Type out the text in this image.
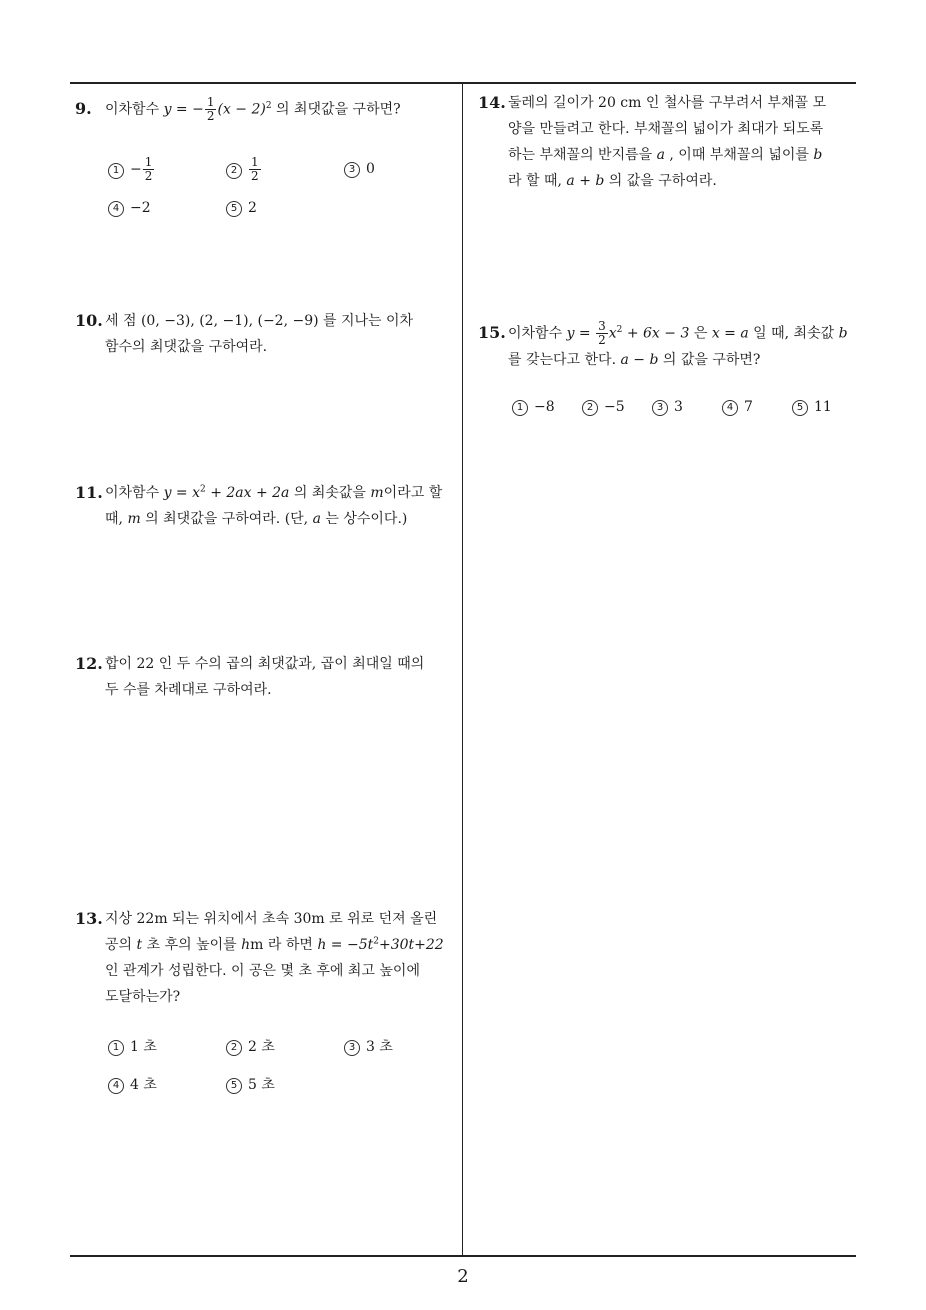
9. 이차함수 y = − $\frac{1}{2} (x - 2)^2$ 의 최댓값을 구하면?
$1 - \frac{1}{2}$	$2 \frac{1}{2}$	3 0
4 −2	5 2
10. 세 점 (0, −3), (2, −1), (−2, −9) 를 지나는 이차
함수의 최댓값을 구하여라.
11. 이차함수 $y = x^2 + 2ax + 2a$ 의 최솟값을 m이라고 할
때, m 의 최댓값을 구하여라. (단, a 는 상수이다.)
12. 합이 22 인 두 수의 곱의 최댓값과, 곱이 최대일 때의
두 수를 차례대로 구하여라.
13. 지상 22m 되는 위치에서 초속 30m 로 위로 던져 올린
공의 t 초 후의 높이를 hm 라 하면 $h = -5t^2+30t+22$
인 관계가 성립한다. 이 공은 몇 초 후에 최고 높이에
도달하는가?
1 1 초	2 2 초	3 3 초
4 4 초	5 5 초
14. 둘레의 길이가 20 cm 인 철사를 구부려서 부채꼴 모
양을 만들려고 한다. 부채꼴의 넓이가 최대가 되도록
하는 부채꼴의 반지름을 a , 이때 부채꼴의 넓이를 b
라 할 때, a + b 의 값을 구하여라.
15. 이차함수 $y = \frac{3}{2} x^2 + 6x - 3$ 은 x = a 일 때, 최솟값 b
를 갖는다고 한다. a − b 의 값을 구하면?
1 −8	2 −5	3 3	4 7	5 11
2
